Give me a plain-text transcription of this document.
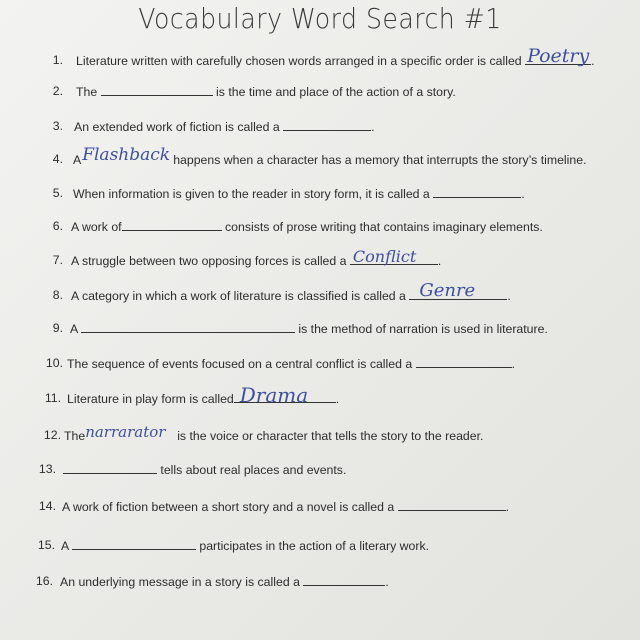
Vocabulary Word Search #1
1. Literature written with carefully chosen words arranged in a specific order is called Poetry .
2. The	is the time and place of the action of a story.
3. An extended work of fiction is called a	.
4. A Flashback happens when a character has a memory that interrupts the story’s timeline.
5. When information is given to the reader in story form, it is called a	.
6. A work of	consists of prose writing that contains imaginary elements.
7. A struggle between two opposing forces is called a Conflict .
8. A category in which a work of literature is classified is called a Genre	.
9. A	is the method of narration is used in literature.
10. The sequence of events focused on a central conflict is called a	.
11. Literature in play form is called Drama .
12. The narrarator is the voice or character that tells the story to the reader.
13.	tells about real places and events.
14. A work of fiction between a short story and a novel is called a	.
15. A	participates in the action of a literary work.
16. An underlying message in a story is called a	.
